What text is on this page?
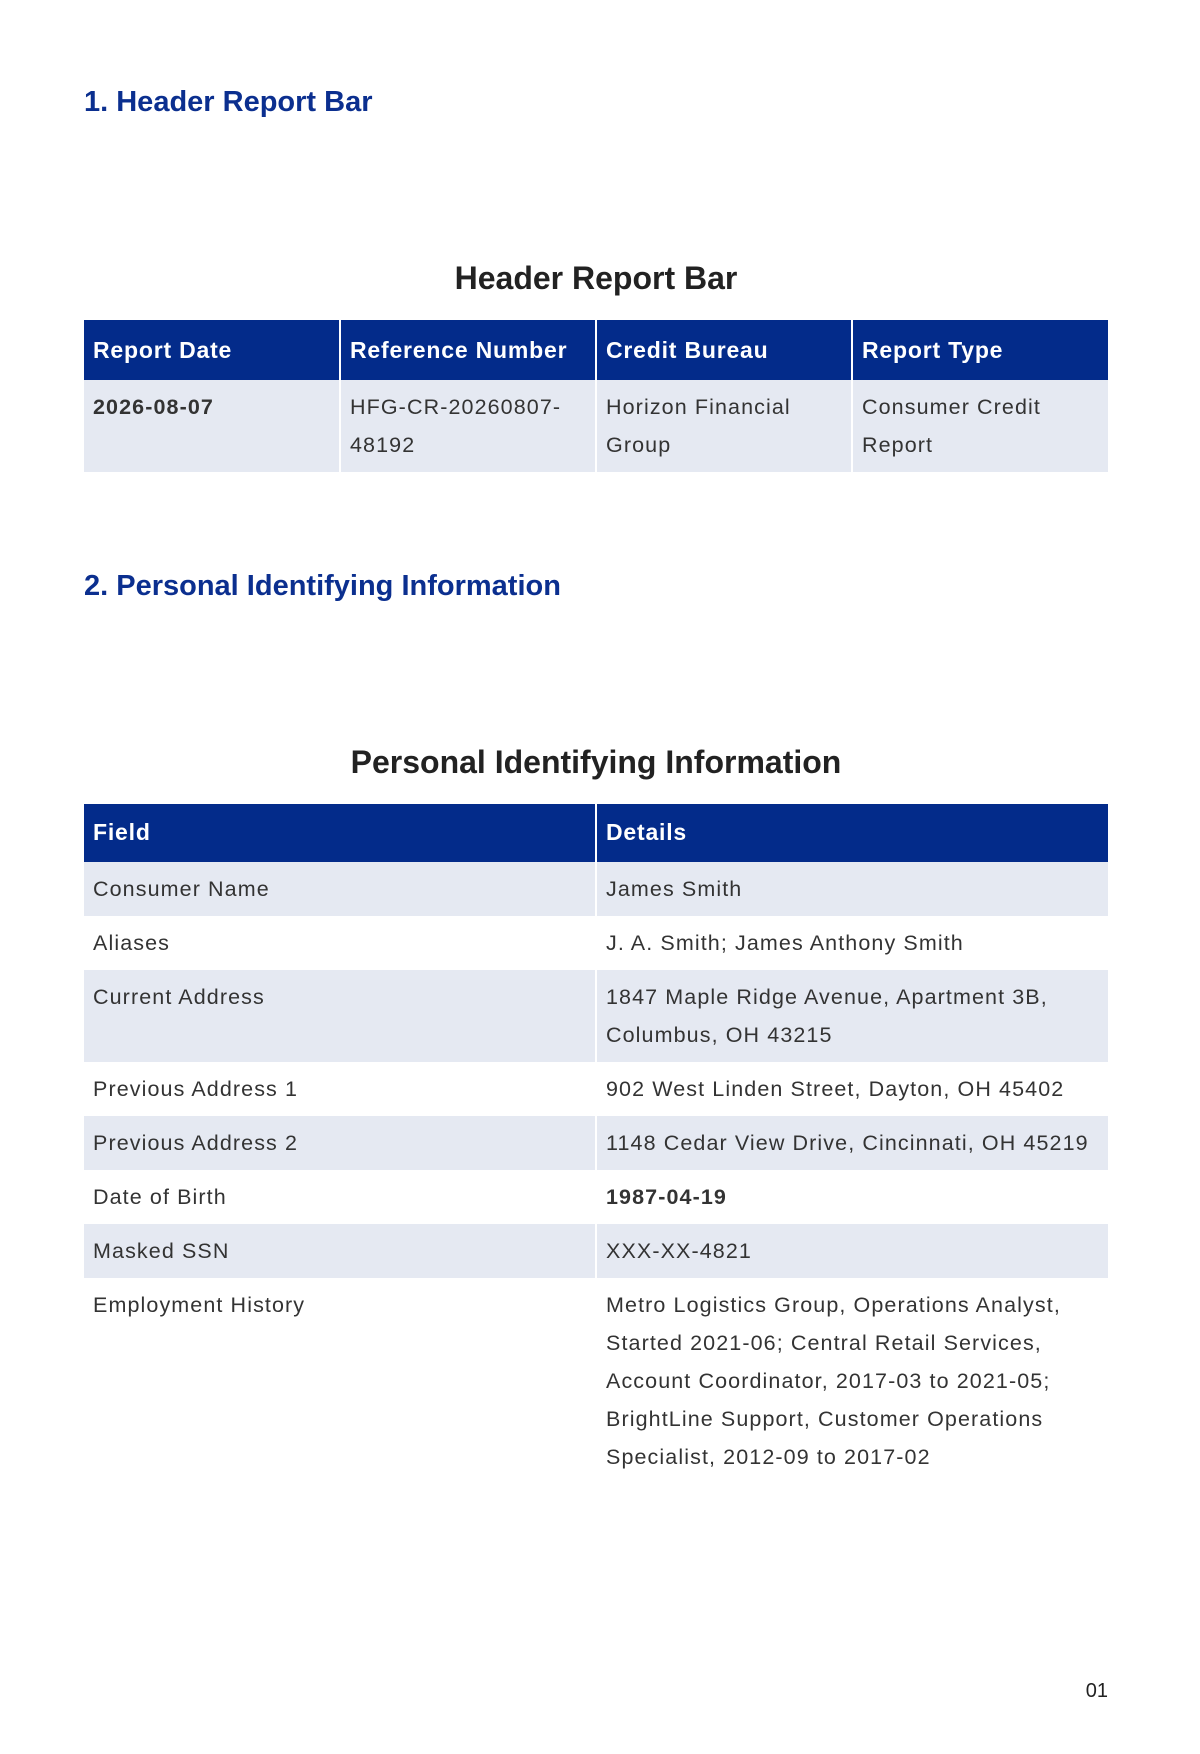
1. Header Report Bar
Header Report Bar
Report Date	Reference Number	Credit Bureau	Report Type
2026-08-07	HFG-CR-20260807-48192	Horizon Financial Group	Consumer Credit Report
2. Personal Identifying Information
Personal Identifying Information
Field	Details
Consumer Name	James Smith
Aliases	J. A. Smith; James Anthony Smith
Current Address	1847 Maple Ridge Avenue, Apartment 3B, Columbus, OH 43215
Previous Address 1	902 West Linden Street, Dayton, OH 45402
Previous Address 2	1148 Cedar View Drive, Cincinnati, OH 45219
Date of Birth	1987-04-19
Masked SSN	XXX-XX-4821
Employment History	Metro Logistics Group, Operations Analyst, Started 2021-06; Central Retail Services, Account Coordinator, 2017-03 to 2021-05; BrightLine Support, Customer Operations Specialist, 2012-09 to 2017-02
01
